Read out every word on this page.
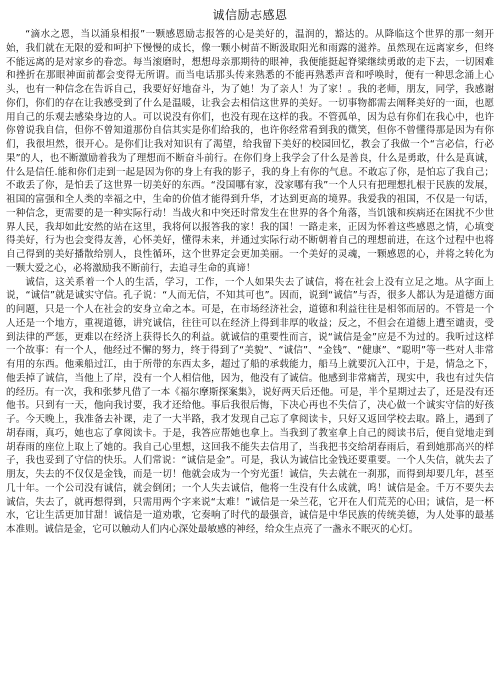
诚信励志感恩

“滴水之恩，当以涌泉相报”一颗感恩励志报答的心是美好的，温润的，豁达的。从降临这个世界的那一刻开始，我们就在无限的爱和呵护下慢慢的成长，像一颗小树苗不断汲取阳光和雨露的滋养。虽然现在远离家乡，但终不能远离的是对家乡的眷恋。每当滚磨时，想想母亲那期待的眼神，我便能挺起脊梁继续勇敢的走下去，一切困难和挫折在那眼神面前都会变得无所谓。而当电话那头传来熟悉的不能再熟悉声音和呼唤时，便有一种思念涌上心头，也有一种信念在告诉自己，我要好好地奋斗，为了她！为了亲人！为了家！。我的老师，朋友，同学，我感谢你们，你们的存在让我感受到了什么是温暖，让我会去相信这世界的美好。一切事物都需去阐释美好的一面，也愿用自己的乐观去感染身边的人。可以说没有你们，也没有现在这样的我。不管孤单，因为总有你们在我心中，也许你曾说我自信，但你不曾知道那份自信其实是你们给我的，也许你经常看到我的微笑，但你不曾懂得那是因为有你们，我很坦然，很开心。是你们让我对知识有了渴望，给我留下美好的校园回忆，教会了我做一个“言必信，行必果”的人，也不断激励着我为了理想而不断奋斗前行。在你们身上我学会了什么是善良，什么是勇敢，什么是真诚，什么是信任.能和你们走到一起是因为你的身上有我的影子，我的身上有你的气息。不敢忘了你，是怕忘了我自己；不敢丢了你，是怕丢了这世界一切美好的东西。“没国哪有家，没家哪有我”一个人只有把理想扎根于民族的发展，祖国的富强和全人类的幸福之中，生命的价值才能得到升华，才达到更高的境界。我爱我的祖国，不仅是一句话，一种信念，更需要的是一种实际行动！当战火和中突还时常发生在世界的各个角落，当饥饿和疾病还在困扰不少世界人民，我却如此安然的站在这里，我将何以报答我的家！我的国！一路走来，正因为怀着这些感恩之情，心填变得美好，行为也会变得友善，心怀美好，懂得未来，并通过实际行动不断朝着自己的理想前进，在这个过程中也将自己得到的美好播散给别人，良性循环，这个世界定会更加美丽。一个美好的灵魂，一颗感恩的心，并将之转化为一颗大爱之心，必将激励我不断前行，去追寻生命的真谛！

诚信，这关系着一个人的生活，学习，工作，一个人如果失去了诚信，将在社会上没有立足之地。从字面上说，“诚信”就是诚实守信。孔子说：“人而无信，不知其可也”。因而，说到“诚信”与否，很多人都认为是道德方面的问题，只是一个人在社会的安身立命之本。可是，在市场经济社会，道德和利益往往是相邻而居的。不管是一个人还是一个地方，重视道德，讲究诚信，往往可以在经济上得到非厚的收益；反之，不但会在道德上遭至谴责，受到法律的严惩，更难以在经济上获得长久的利益。就诚信的重要性而言，说“诚信是金”应是不为过的。我听过这样一个故事：有一个人，他经过不懈的努力，终于得到了“美貌”、“诚信”、“金钱”、“健康”、“聪明”等一些对人非常有用的东西。他乘船过江，由于所带的东西太多，超过了船的承载能力，船马上就要沉入江中，于是，情急之下，他丢掉了诚信，当他上了岸，没有一个人相信他，因为，他没有了诚信。他感到非常痛苦，现实中，我也有过失信的经历。有一次，我和张梦凡借了一本《福尔摩斯探案集》，说好两天后还他。可是，半个星期过去了，还是没有还他书。只到有一天，他向我讨要，我才还给他。事后我很后悔，下决心再也不失信了，决心做一个诚实守信的好孩子。今天晚上，我准备去补课，走了一大半路，我才发现自己忘了拿阅读卡，只好又返回学校去取。路上，遇到了胡春雨，真巧，她也忘了拿阅读卡。于是，我答应帮她也拿上。当我到了教室拿上自己的阅读书后，便自觉地走到胡春雨的座位上取上了她的。我自己心里想，这回我不能失去信用了，当我把书交给胡春雨后，看到她那高兴的样子，我也妥到了守信的快乐。人们常说：“诚信是金”。可是，我认为诚信比金钱还要重要。一个人失信，就失去了朋友，失去的不仅仅是金钱，而是一切！他就会成为一个穷光蛋！诚信，失去就在一刹那，而得到却要几年，甚至几十年。一个公司没有诚信，就会倒闭；一个人失去诚信，他将一生没有什么成就，呜！诚信是金。千万不要失去诚信，失去了，就再想得到，只需用两个字来说“太难！”诚信是一朵兰花，它开在人们荒芜的心田；诚信，是一杯水，它让生活更加甘甜！诚信是一道劝歌，它奏响了时代的最强音，诚信是中华民族的传统美德，为人处事的最基本准则。诚信是金，它可以触动人们内心深处最敏感的神经，给众生点亮了一盏永不眠灭的心灯。
